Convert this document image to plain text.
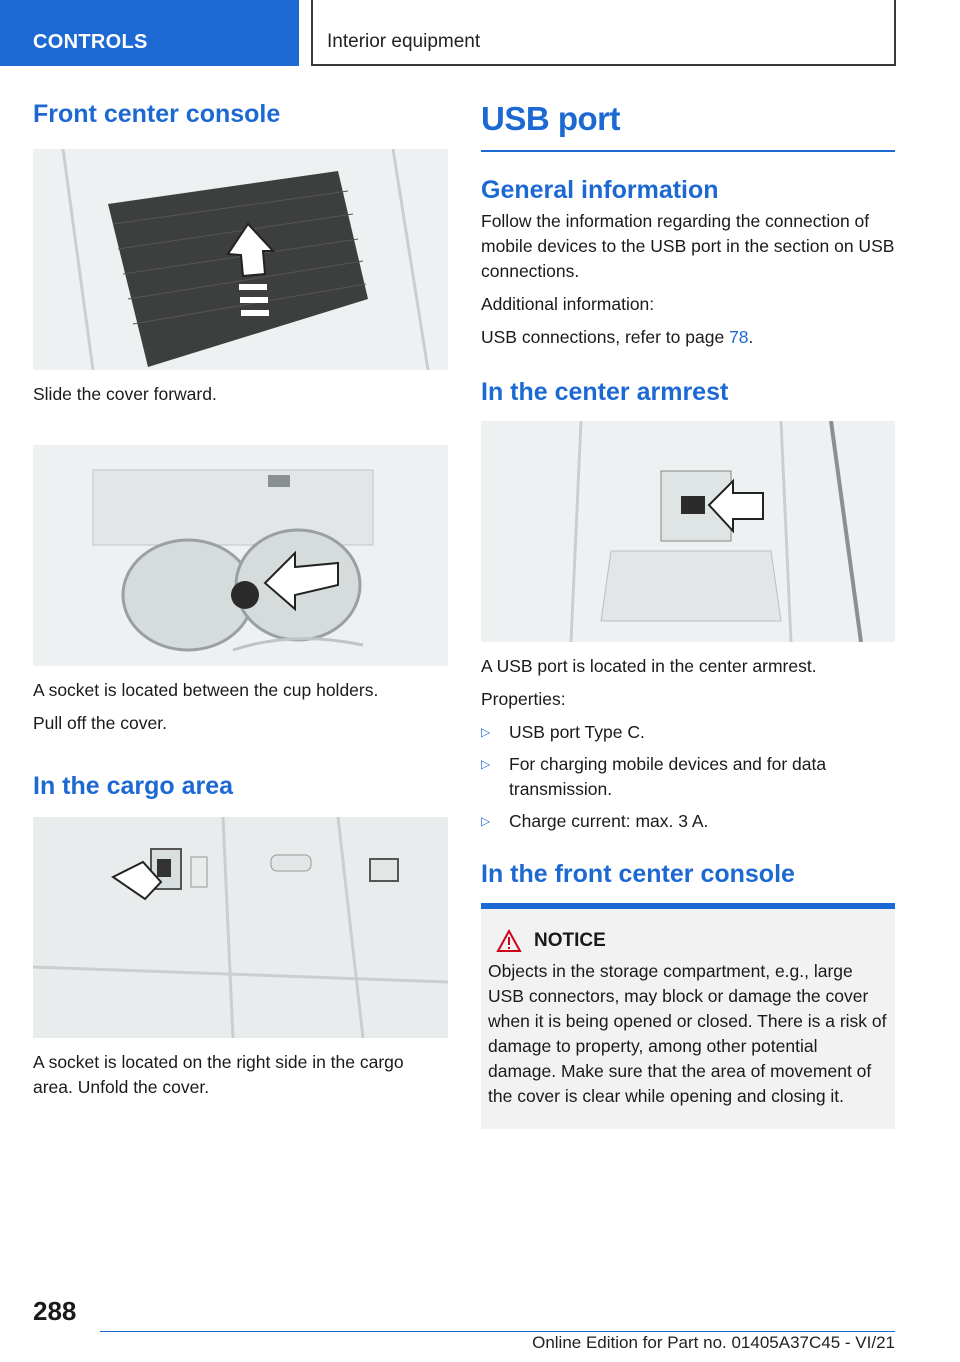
CONTROLS	Interior equipment
Front center console

Slide the cover forward.

A socket is located between the cup holders.

Pull off the cover.

In the cargo area

A socket is located on the right side in the cargo area. Unfold the cover.

USB port
General information

Follow the information regarding the connection of mobile devices to the USB port in the section on USB connections.

Additional information:

USB connections, refer to page 78.

In the center armrest

A USB port is located in the center armrest.

Properties:

▷ USB port Type C.
▷ For charging mobile devices and for data transmission.
▷ Charge current: max. 3 A.
In the front center console
NOTICE

Objects in the storage compartment, e.g., large USB connectors, may block or damage the cover when it is being opened or closed. There is a risk of damage to property, among other potential damage. Make sure that the area of movement of the cover is clear while opening and closing it.

288
Online Edition for Part no. 01405A37C45 - VI/21
